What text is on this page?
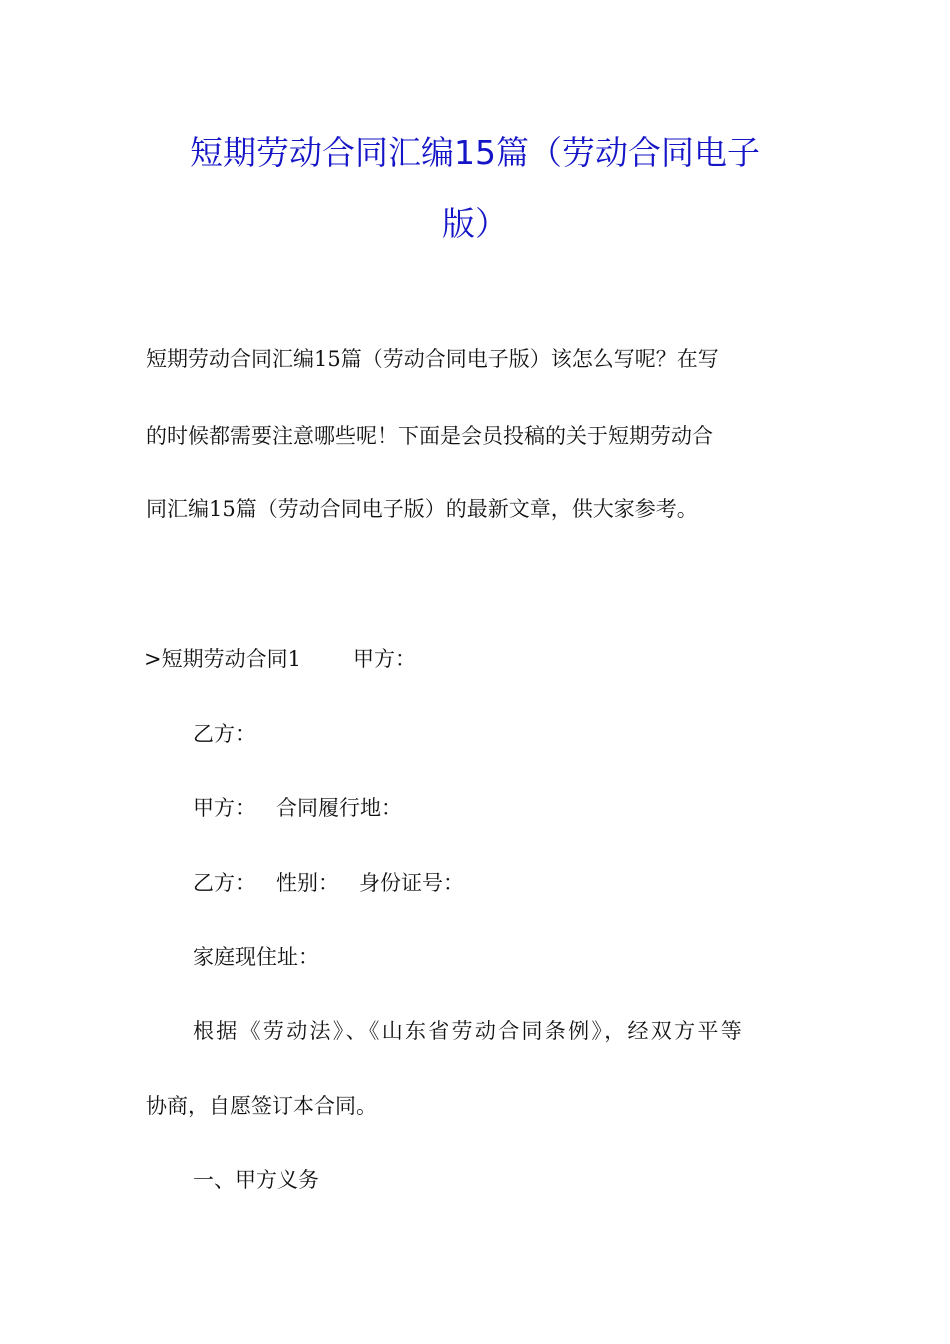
短期劳动合同汇编15篇（劳动合同电子
版）
短期劳动合同汇编15篇（劳动合同电子版）该怎么写呢？在写
的时候都需要注意哪些呢！下面是会员投稿的关于短期劳动合
同汇编15篇（劳动合同电子版）的最新文章，供大家参考。
>短期劳动合同1 甲方：
乙方：
甲方： 合同履行地：
乙方： 性别： 身份证号：
家庭现住址：
根据《劳动法》、《山东省劳动合同条例》，经双方平等
协商，自愿签订本合同。
一、甲方义务
